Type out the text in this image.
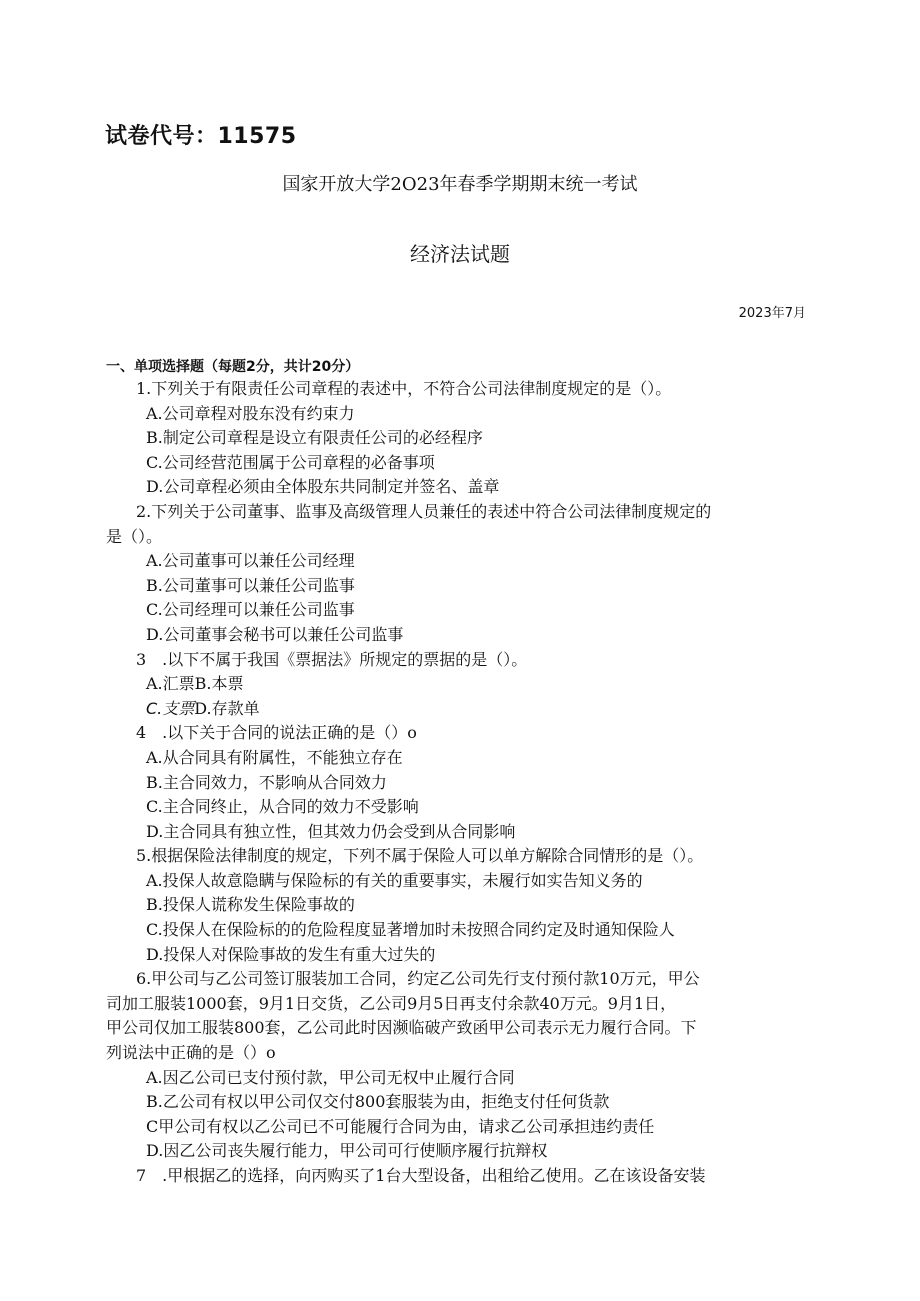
试卷代号：11575
国家开放大学2O23年春季学期期末统一考试
经济法试题
2023年7月
一、单项选择题（每题2分，共计20分）
1.下列关于有限责任公司章程的表述中，不符合公司法律制度规定的是（）。
A.公司章程对股东没有约束力
B.制定公司章程是设立有限责任公司的必经程序
C.公司经营范围属于公司章程的必备事项
D.公司章程必须由全体股东共同制定并签名、盖章
2.下列关于公司董事、监事及高级管理人员兼任的表述中符合公司法律制度规定的
是（）。
A.公司董事可以兼任公司经理
B.公司董事可以兼任公司监事
C.公司经理可以兼任公司监事
D.公司董事会秘书可以兼任公司监事
3　.以下不属于我国《票据法》所规定的票据的是（）。
A.汇票B.本票
C.支票D.存款单
4　.以下关于合同的说法正确的是（）o
A.从合同具有附属性，不能独立存在
B.主合同效力，不影响从合同效力
C.主合同终止，从合同的效力不受影响
D.主合同具有独立性，但其效力仍会受到从合同影响
5.根据保险法律制度的规定，下列不属于保险人可以单方解除合同情形的是（）。
A.投保人故意隐瞒与保险标的有关的重要事实，未履行如实告知义务的
B.投保人谎称发生保险事故的
C.投保人在保险标的的危险程度显著增加时未按照合同约定及时通知保险人
D.投保人对保险事故的发生有重大过失的
6.甲公司与乙公司签订服装加工合同，约定乙公司先行支付预付款10万元，甲公
司加工服装1000套，9月1日交货，乙公司9月5日再支付余款40万元。9月1日，
甲公司仅加工服装800套，乙公司此时因濒临破产致函甲公司表示无力履行合同。下
列说法中正确的是（）o
A.因乙公司已支付预付款，甲公司无权中止履行合同
B.乙公司有权以甲公司仅交付800套服装为由，拒绝支付任何货款
C甲公司有权以乙公司已不可能履行合同为由，请求乙公司承担违约责任
D.因乙公司丧失履行能力，甲公司可行使顺序履行抗辩权
7　.甲根据乙的选择，向丙购买了1台大型设备，出租给乙使用。乙在该设备安装
